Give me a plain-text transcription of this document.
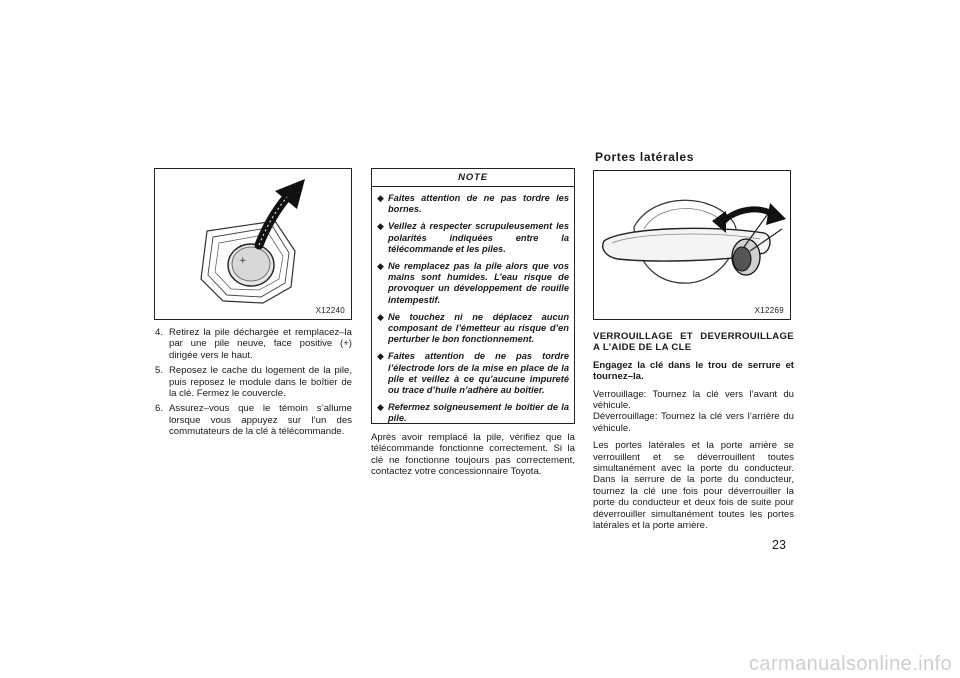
+
X12240
4. Retirez la pile déchargée et remplacez–la par une pile neuve, face positive (+) dirigée vers le haut.
5. Reposez le cache du logement de la pile, puis reposez le module dans le boîtier de la clé. Fermez le couvercle.
6. Assurez–vous que le témoin s’allume lorsque vous appuyez sur l’un des commutateurs de la clé à télécommande.
NOTE
◆ Faites attention de ne pas tordre les bornes.
◆ Veillez à respecter scrupuleusement les polarités indiquées entre la télécommande et les piles.
◆ Ne remplacez pas la pile alors que vos mains sont humides. L’eau risque de provoquer un développement de rouille intempestif.
◆ Ne touchez ni ne déplacez aucun composant de l’émetteur au risque d’en perturber le bon fonctionnement.
◆ Faites attention de ne pas tordre l’électrode lors de la mise en place de la pile et veillez à ce qu’aucune impureté ou trace d’huile n’adhère au boîtier.
◆ Refermez soigneusement le boîtier de la pile.
Après avoir remplacé la pile, vérifiez que la télécommande fonctionne correctement. Si la clé ne fonctionne toujours pas correctement, contactez votre concessionnaire Toyota.
Portes latérales
X12269

VERROUILLAGE ET DEVERROUILLAGE A L’AIDE DE LA CLE

Engagez la clé dans le trou de serrure et tournez–la.

Verrouillage: Tournez la clé vers l’avant du véhicule.

Déverrouillage: Tournez la clé vers l’arrière du véhicule.

Les portes latérales et la porte arrière se verrouillent et se déverrouillent toutes simultanément avec la porte du conducteur. Dans la serrure de la porte du conducteur, tournez la clé une fois pour déverrouiller la porte du conducteur et deux fois de suite pour déverrouiller simultanément toutes les portes latérales et la porte arrière.

23
carmanualsonline.info
